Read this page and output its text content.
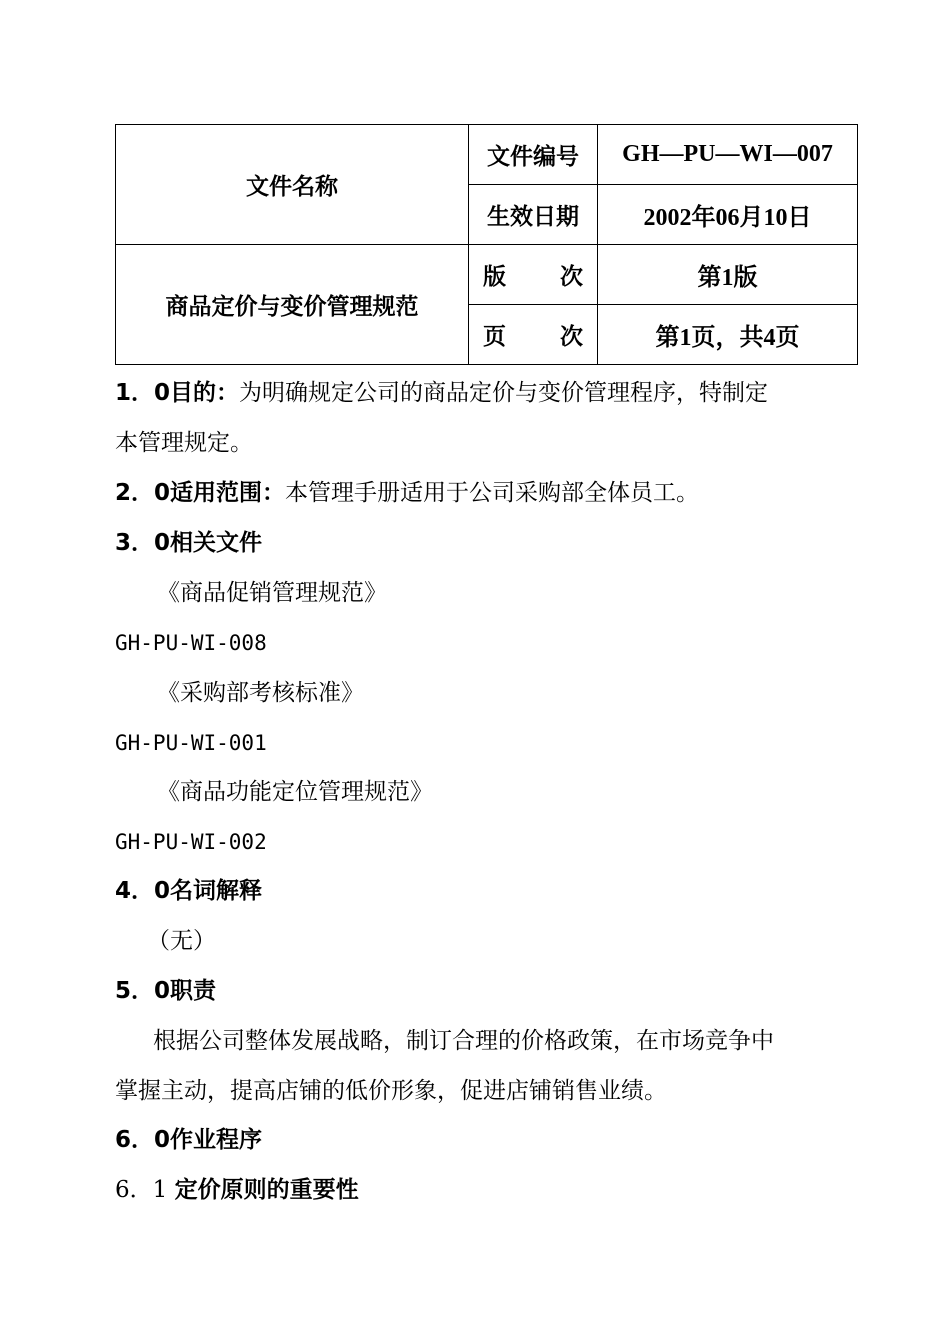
文件名称	文件编号	GH—PU—WI—007
	生效日期	2002年06月10日
商品定价与变价管理规范	版 次	第1版

	页 次	第1页，共4页
1．0目的：为明确规定公司的商品定价与变价管理程序，特制定
本管理规定。
2．0适用范围：本管理手册适用于公司采购部全体员工。
3．0相关文件
《商品促销管理规范》
GH-PU-WI-008
《采购部考核标准》
GH-PU-WI-001
《商品功能定位管理规范》
GH-PU-WI-002
4．0名词解释
（无）
5．0职责
根据公司整体发展战略，制订合理的价格政策，在市场竞争中
掌握主动，提高店铺的低价形象，促进店铺销售业绩。
6．0作业程序
6．1 定价原则的重要性
